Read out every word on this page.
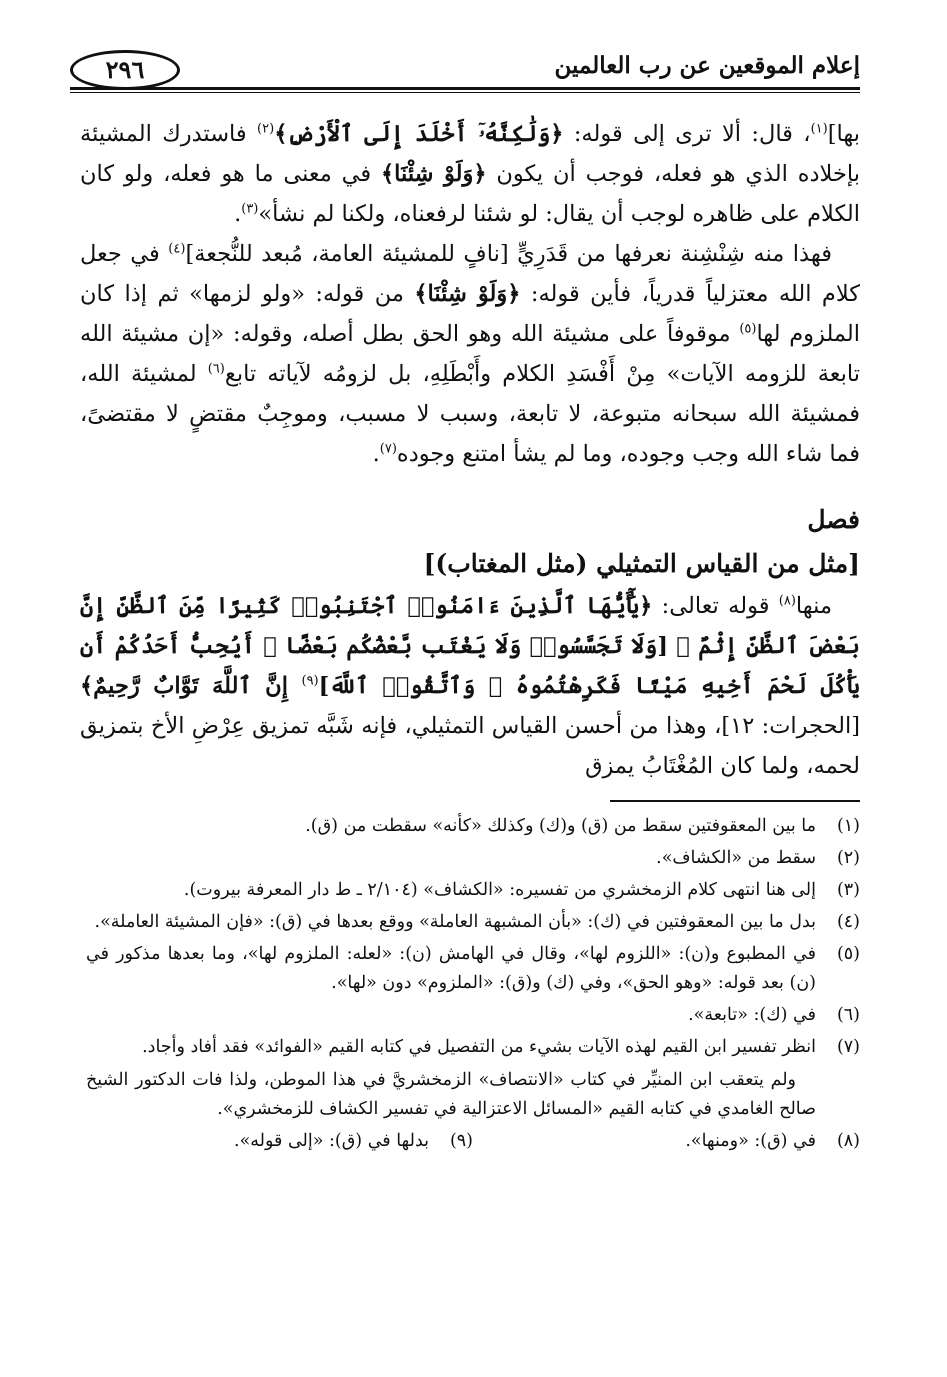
إعلام الموقعين عن رب العالمين
٢٩٦

بها]$^{(١)}$، قال: ألا ترى إلى قوله: ﴿وَلَٰكِنَّهُۥٓ أَخْلَدَ إِلَى ٱلْأَرْضِ﴾$^{(٢)}$ فاستدرك المشيئة بإخلاده الذي هو فعله، فوجب أن يكون ﴿وَلَوْ شِئْنَا﴾ في معنى ما هو فعله، ولو كان الكلام على ظاهره لوجب أن يقال: لو شئنا لرفعناه، ولكنا لم نشأ»$^{(٣)}$.

فهذا منه شِنْشِنة نعرفها من قَدَرِيٍّ [نافٍ للمشيئة العامة، مُبعد للنُّجعة]$^{(٤)}$ في جعل كلام الله معتزلياً قدرياً، فأين قوله: ﴿وَلَوْ شِئْنَا﴾ من قوله: «ولو لزمها» ثم إذا كان الملزوم لها$^{(٥)}$ موقوفاً على مشيئة الله وهو الحق بطل أصله، وقوله: «إن مشيئة الله تابعة للزومه الآيات» مِنْ أَفْسَدِ الكلام وأَبْطَلِهِ، بل لزومُه لآياته تابع$^{(٦)}$ لمشيئة الله، فمشيئة الله سبحانه متبوعة، لا تابعة، وسبب لا مسبب، وموجِبٌ مقتضٍ لا مقتضىً، فما شاء الله وجب وجوده، وما لم يشأ امتنع وجوده$^{(٧)}$.

فصل

[مثل من القياس التمثيلي (مثل المغتاب)]

منها$^{(٨)}$ قوله تعالى: ﴿يَٰٓأَيُّهَا ٱلَّذِينَ ءَامَنُوا۟ ٱجْتَنِبُوا۟ كَثِيرًا مِّنَ ٱلظَّنِّ إِنَّ بَعْضَ ٱلظَّنِّ إِثْمٌ ۖ [وَلَا تَجَسَّسُوا۟ وَلَا يَغْتَب بَّعْضُكُم بَعْضًا ۚ أَيُحِبُّ أَحَدُكُمْ أَن يَأْكُلَ لَحْمَ أَخِيهِ مَيْتًا فَكَرِهْتُمُوهُ ۚ وَٱتَّقُوا۟ ٱللَّهَ]$^{(٩)}$ إِنَّ ٱللَّهَ تَوَّابٌ رَّحِيمٌ﴾ [الحجرات: ١٢]، وهذا من أحسن القياس التمثيلي، فإنه شَبَّه تمزيق عِرْضِ الأخ بتمزيق لحمه، ولما كان المُغْتَابُ يمزق

(١)
ما بين المعقوفتين سقط من (ق) و(ك) وكذلك «كأنه» سقطت من (ق).
(٢)
سقط من «الكشاف».
(٣)
إلى هنا انتهى كلام الزمخشري من تفسيره: «الكشاف» (٢/١٠٤ ـ ط دار المعرفة بيروت).
(٤)
بدل ما بين المعقوفتين في (ك): «بأن المشبهة العاملة» ووقع بعدها في (ق): «فإن المشيئة العاملة».
(٥)
في المطبوع و(ن): «اللزوم لها»، وقال في الهامش (ن): «لعله: الملزوم لها»، وما بعدها مذكور في (ن) بعد قوله: «وهو الحق»، وفي (ك) و(ق): «الملزوم» دون «لها».
(٦)
في (ك): «تابعة».
(٧)
انظر تفسير ابن القيم لهذه الآيات بشيء من التفصيل في كتابه القيم «الفوائد» فقد أفاد وأجاد.

ولم يتعقب ابن المنيِّر في كتاب «الانتصاف» الزمخشريَّ في هذا الموطن، ولذا فات الدكتور الشيخ صالح الغامدي في كتابه القيم «المسائل الاعتزالية في تفسير الكشاف للزمخشري».

(٨)
في (ق): «ومنها».
(٩)
بدلها في (ق): «إلى قوله».
